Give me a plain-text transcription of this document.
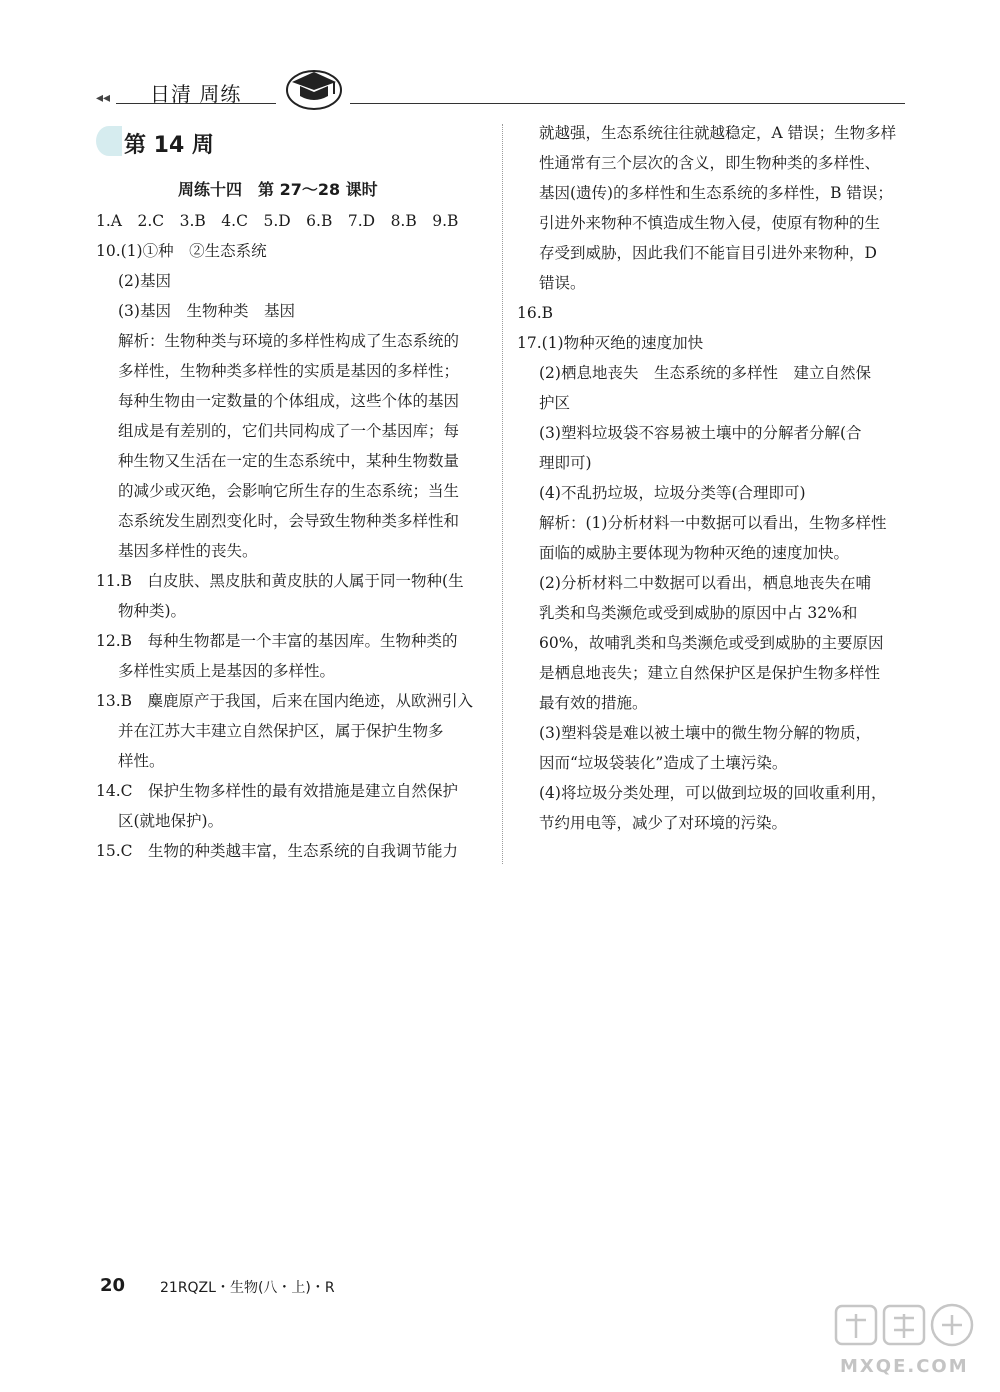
◂◂ 日清 周练
第 14 周
周练十四　第 27～28 课时

1.A　2.C　3.B　4.C　5.D　6.B　7.D　8.B　9.B

10.(1)①种　②生态系统

(2)基因

(3)基因　生物种类　基因

解析：生物种类与环境的多样性构成了生态系统的

多样性，生物种类多样性的实质是基因的多样性；

每种生物由一定数量的个体组成，这些个体的基因

组成是有差别的，它们共同构成了一个基因库；每

种生物又生活在一定的生态系统中，某种生物数量

的减少或灭绝，会影响它所生存的生态系统；当生

态系统发生剧烈变化时，会导致生物种类多样性和

基因多样性的丧失。

11.B　白皮肤、黑皮肤和黄皮肤的人属于同一物种(生

物种类)。

12.B　每种生物都是一个丰富的基因库。生物种类的

多样性实质上是基因的多样性。

13.B　麋鹿原产于我国，后来在国内绝迹，从欧洲引入

并在江苏大丰建立自然保护区，属于保护生物多

样性。

14.C　保护生物多样性的最有效措施是建立自然保护

区(就地保护)。

15.C　生物的种类越丰富，生态系统的自我调节能力

就越强，生态系统往往就越稳定，A 错误；生物多样

性通常有三个层次的含义，即生物种类的多样性、

基因(遗传)的多样性和生态系统的多样性，B 错误；

引进外来物种不慎造成生物入侵，使原有物种的生

存受到威胁，因此我们不能盲目引进外来物种，D

错误。

16.B

17.(1)物种灭绝的速度加快

(2)栖息地丧失　生态系统的多样性　建立自然保

护区

(3)塑料垃圾袋不容易被土壤中的分解者分解(合

理即可)

(4)不乱扔垃圾，垃圾分类等(合理即可)

解析：(1)分析材料一中数据可以看出，生物多样性

面临的威胁主要体现为物种灭绝的速度加快。

(2)分析材料二中数据可以看出，栖息地丧失在哺

乳类和鸟类濒危或受到威胁的原因中占 32%和

60%，故哺乳类和鸟类濒危或受到威胁的主要原因

是栖息地丧失；建立自然保护区是保护生物多样性

最有效的措施。

(3)塑料袋是难以被土壤中的微生物分解的物质，

因而“垃圾袋装化”造成了土壤污染。

(4)将垃圾分类处理，可以做到垃圾的回收重利用，

节约用电等，减少了对环境的污染。

20 21RQZL・生物(八・上)・R
MXQE.COM
